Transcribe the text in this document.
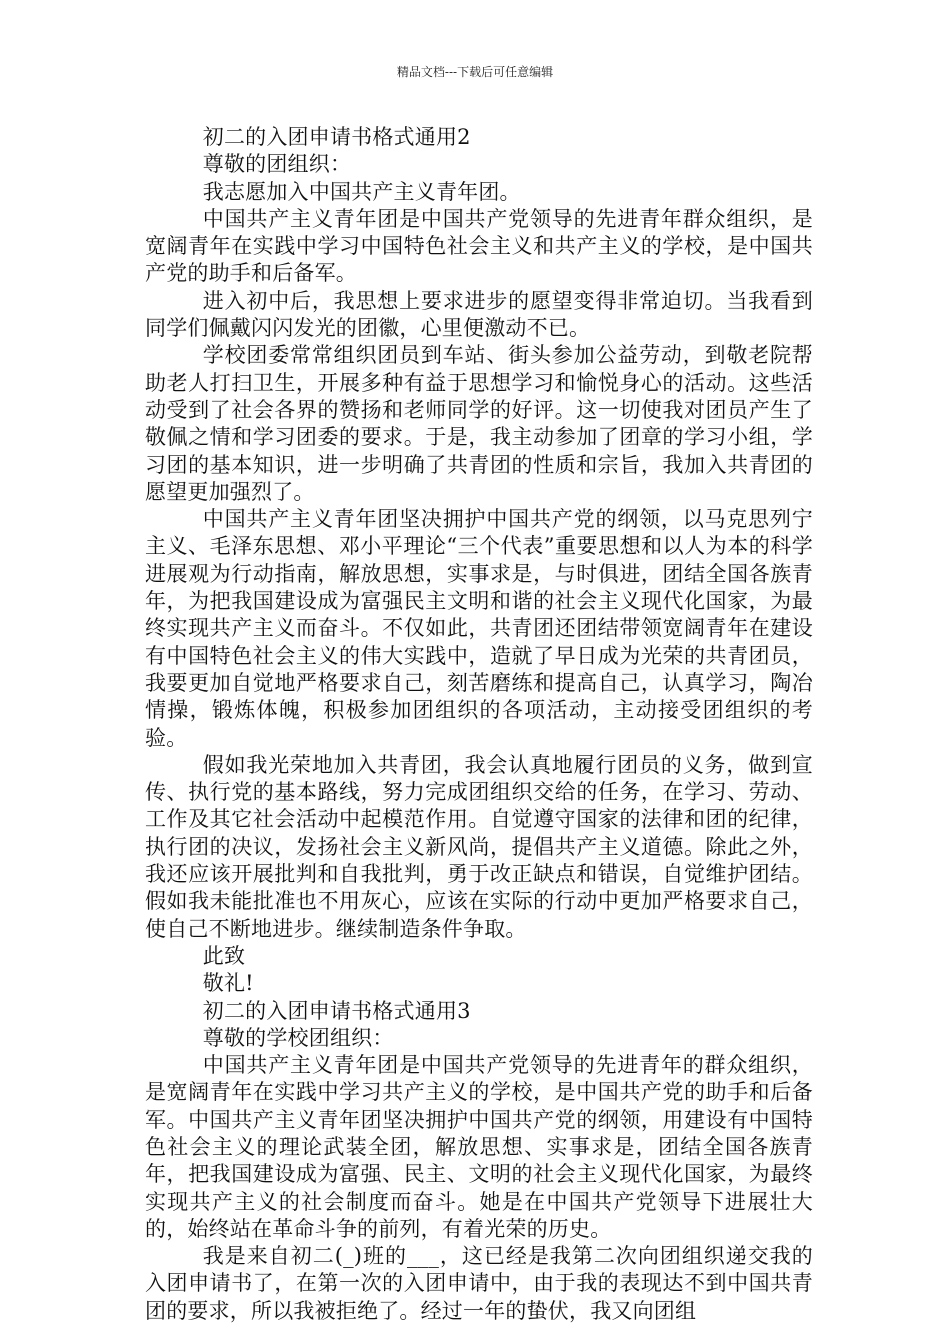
精品文档---下载后可任意编辑

初二的入团申请书格式通用2

尊敬的团组织：

我志愿加入中国共产主义青年团。

中国共产主义青年团是中国共产党领导的先进青年群众组织，是宽阔青年在实践中学习中国特色社会主义和共产主义的学校，是中国共产党的助手和后备军。

进入初中后，我思想上要求进步的愿望变得非常迫切。当我看到同学们佩戴闪闪发光的团徽，心里便激动不已。

学校团委常常组织团员到车站、街头参加公益劳动，到敬老院帮助老人打扫卫生，开展多种有益于思想学习和愉悦身心的活动。这些活动受到了社会各界的赞扬和老师同学的好评。这一切使我对团员产生了敬佩之情和学习团委的要求。于是，我主动参加了团章的学习小组，学习团的基本知识，进一步明确了共青团的性质和宗旨，我加入共青团的愿望更加强烈了。

中国共产主义青年团坚决拥护中国共产党的纲领，以马克思列宁主义、毛泽东思想、邓小平理论“三个代表”重要思想和以人为本的科学进展观为行动指南，解放思想，实事求是，与时俱进，团结全国各族青年，为把我国建设成为富强民主文明和谐的社会主义现代化国家，为最终实现共产主义而奋斗。不仅如此，共青团还团结带领宽阔青年在建设有中国特色社会主义的伟大实践中，造就了早日成为光荣的共青团员，我要更加自觉地严格要求自己，刻苦磨练和提高自己，认真学习，陶冶情操，锻炼体魄，积极参加团组织的各项活动，主动接受团组织的考验。

假如我光荣地加入共青团，我会认真地履行团员的义务，做到宣传、执行党的基本路线，努力完成团组织交给的任务，在学习、劳动、工作及其它社会活动中起模范作用。自觉遵守国家的法律和团的纪律，执行团的决议，发扬社会主义新风尚，提倡共产主义道德。除此之外，我还应该开展批判和自我批判，勇于改正缺点和错误，自觉维护团结。假如我未能批准也不用灰心，应该在实际的行动中更加严格要求自己，使自己不断地进步。继续制造条件争取。

此致

敬礼!

初二的入团申请书格式通用3

尊敬的学校团组织：

中国共产主义青年团是中国共产党领导的先进青年的群众组织，是宽阔青年在实践中学习共产主义的学校，是中国共产党的助手和后备军。中国共产主义青年团坚决拥护中国共产党的纲领，用建设有中国特色社会主义的理论武装全团，解放思想、实事求是，团结全国各族青年，把我国建设成为富强、民主、文明的社会主义现代化国家，为最终实现共产主义的社会制度而奋斗。她是在中国共产党领导下进展壮大的，始终站在革命斗争的前列，有着光荣的历史。

我是来自初二(_)班的___，这已经是我第二次向团组织递交我的入团申请书了，在第一次的入团申请中，由于我的表现达不到中国共青团的要求，所以我被拒绝了。经过一年的蛰伏，我又向团组
